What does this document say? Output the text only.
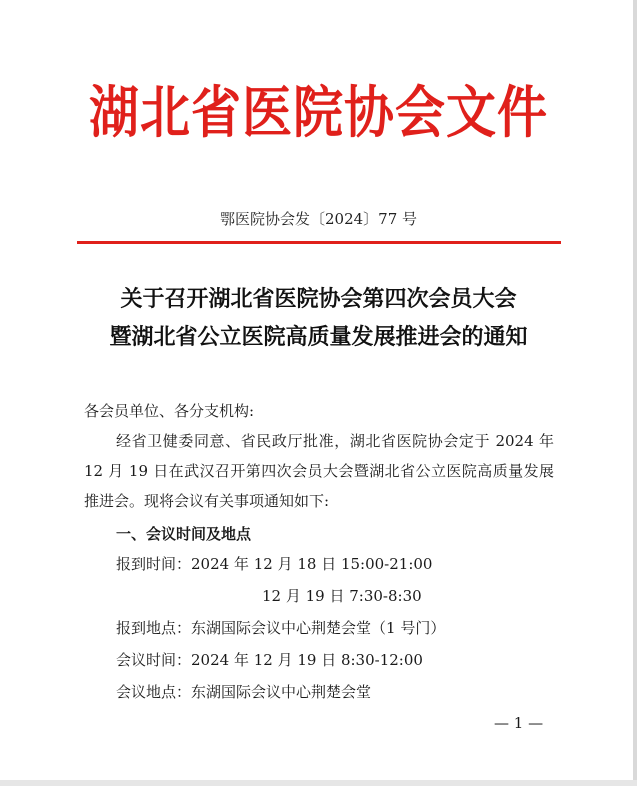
湖北省医院协会文件
鄂医院协会发〔2024〕77 号
关于召开湖北省医院协会第四次会员大会
暨湖北省公立医院高质量发展推进会的通知
各会员单位、各分支机构:
经省卫健委同意、省民政厅批准，湖北省医院协会定于 2024 年 12 月 19 日在武汉召开第四次会员大会暨湖北省公立医院高质量发展推进会。现将会议有关事项通知如下:
一、会议时间及地点
报到时间：2024 年 12 月 18 日 15:00-21:00
12 月 19 日 7:30-8:30
报到地点：东湖国际会议中心荆楚会堂（1 号门）
会议时间：2024 年 12 月 19 日 8:30-12:00
会议地点：东湖国际会议中心荆楚会堂
— 1 —
